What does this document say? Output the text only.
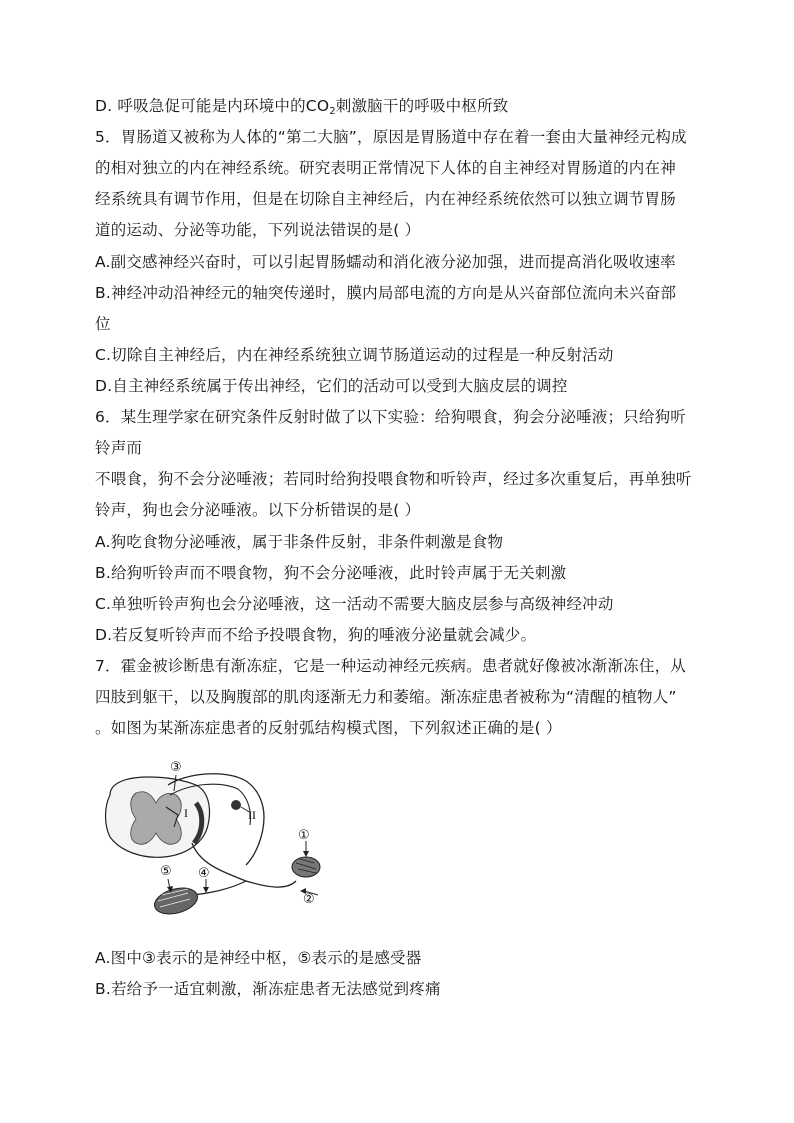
D. 呼吸急促可能是内环境中的$CO_2$刺激脑干的呼吸中枢所致
5．胃肠道又被称为人体的“第二大脑”，原因是胃肠道中存在着一套由大量神经元构成
的相对独立的内在神经系统。研究表明正常情况下人体的自主神经对胃肠道的内在神
经系统具有调节作用，但是在切除自主神经后，内在神经系统依然可以独立调节胃肠
道的运动、分泌等功能，下列说法错误的是( ）
A.副交感神经兴奋时，可以引起胃肠蠕动和消化液分泌加强，进而提高消化吸收速率
B.神经冲动沿神经元的轴突传递时，膜内局部电流的方向是从兴奋部位流向未兴奋部
位
C.切除自主神经后，内在神经系统独立调节肠道运动的过程是一种反射活动
D.自主神经系统属于传出神经，它们的活动可以受到大脑皮层的调控
6．某生理学家在研究条件反射时做了以下实验：给狗喂食，狗会分泌唾液；只给狗听
铃声而
不喂食，狗不会分泌唾液；若同时给狗投喂食物和听铃声，经过多次重复后，再单独听
铃声，狗也会分泌唾液。以下分析错误的是( ）
A.狗吃食物分泌唾液，属于非条件反射，非条件刺激是食物
B.给狗听铃声而不喂食物，狗不会分泌唾液，此时铃声属于无关刺激
C.单独听铃声狗也会分泌唾液，这一活动不需要大脑皮层参与高级神经冲动
D.若反复听铃声而不给予投喂食物，狗的唾液分泌量就会减少。
7．霍金被诊断患有渐冻症，它是一种运动神经元疾病。患者就好像被冰渐渐冻住，从
四肢到躯干，以及胸腹部的肌肉逐渐无力和萎缩。渐冻症患者被称为“清醒的植物人”
。如图为某渐冻症患者的反射弧结构模式图，下列叙述正确的是( ）
③
I	II
①
②
④
⑤
A.图中③表示的是神经中枢，⑤表示的是感受器
B.若给予一适宜刺激，渐冻症患者无法感觉到疼痛
